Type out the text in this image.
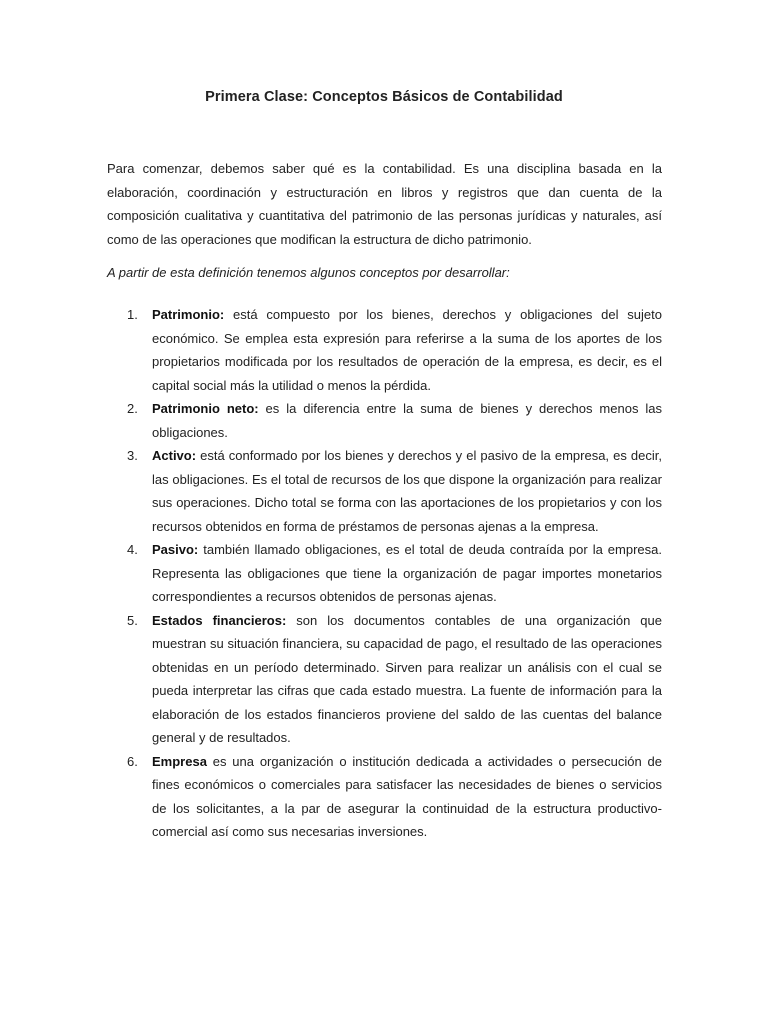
Primera Clase: Conceptos Básicos de Contabilidad

Para comenzar, debemos saber qué es la contabilidad. Es una disciplina basada en la elaboración, coordinación y estructuración en libros y registros que dan cuenta de la composición cualitativa y cuantitativa del patrimonio de las personas jurídicas y naturales, así como de las operaciones que modifican la estructura de dicho patrimonio.

A partir de esta definición tenemos algunos conceptos por desarrollar:

1. Patrimonio: está compuesto por los bienes, derechos y obligaciones del sujeto económico. Se emplea esta expresión para referirse a la suma de los aportes de los propietarios modificada por los resultados de operación de la empresa, es decir, es el capital social más la utilidad o menos la pérdida.
2. Patrimonio neto: es la diferencia entre la suma de bienes y derechos menos las obligaciones.
3. Activo: está conformado por los bienes y derechos y el pasivo de la empresa, es decir, las obligaciones. Es el total de recursos de los que dispone la organización para realizar sus operaciones. Dicho total se forma con las aportaciones de los propietarios y con los recursos obtenidos en forma de préstamos de personas ajenas a la empresa.
4. Pasivo: también llamado obligaciones, es el total de deuda contraída por la empresa. Representa las obligaciones que tiene la organización de pagar importes monetarios correspondientes a recursos obtenidos de personas ajenas.
5. Estados financieros: son los documentos contables de una organización que muestran su situación financiera, su capacidad de pago, el resultado de las operaciones obtenidas en un período determinado. Sirven para realizar un análisis con el cual se pueda interpretar las cifras que cada estado muestra. La fuente de información para la elaboración de los estados financieros proviene del saldo de las cuentas del balance general y de resultados.
6. Empresa es una organización o institución dedicada a actividades o persecución de fines económicos o comerciales para satisfacer las necesidades de bienes o servicios de los solicitantes, a la par de asegurar la continuidad de la estructura productivo-comercial así como sus necesarias inversiones.
